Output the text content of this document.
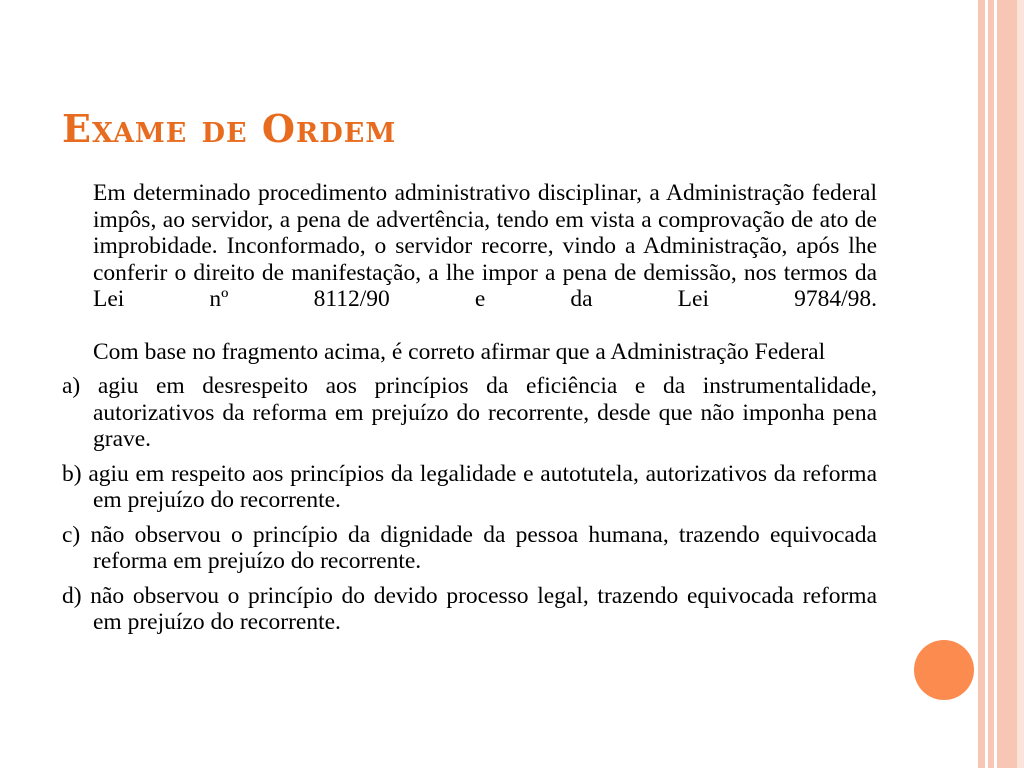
Exame de Ordem

Em determinado procedimento administrativo disciplinar, a Administração federal impôs, ao servidor, a pena de advertência, tendo em vista a comprovação de ato de improbidade. Inconformado, o servidor recorre, vindo a Administração, após lhe conferir o direito de manifestação, a lhe impor a pena de demissão, nos termos da Lei nº 8112/90 e da Lei 9784/98.

Com base no fragmento acima, é correto afirmar que a Administração Federal

a) agiu em desrespeito aos princípios da eficiência e da instrumentalidade, autorizativos da reforma em prejuízo do recorrente, desde que não imponha pena grave.

b) agiu em respeito aos princípios da legalidade e autotutela, autorizativos da reforma em prejuízo do recorrente.

c) não observou o princípio da dignidade da pessoa humana, trazendo equivocada reforma em prejuízo do recorrente.

d) não observou o princípio do devido processo legal, trazendo equivocada reforma em prejuízo do recorrente.
